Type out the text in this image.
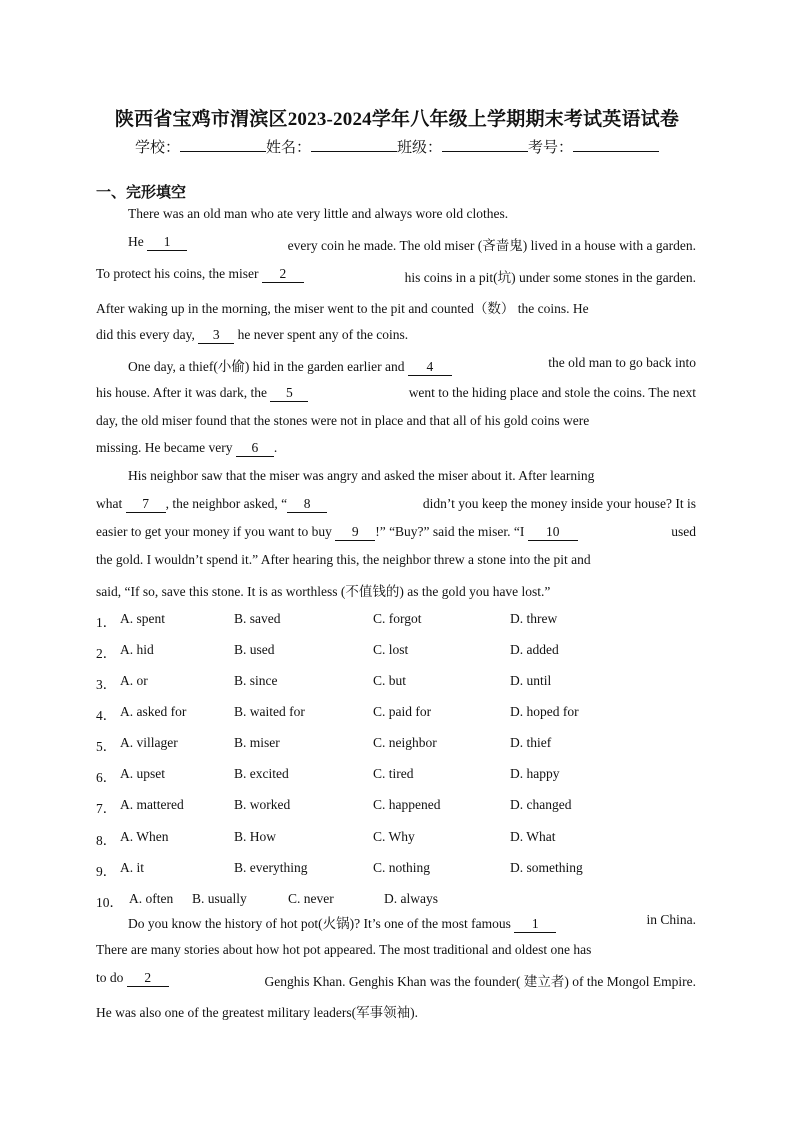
陕西省宝鸡市渭滨区2023-2024学年八年级上学期期末考试英语试卷
学校：	姓名：	班级：	考号：
一、完形填空
There was an old man who ate very little and always wore old clothes.
He 1	every coin he made. The old miser (吝啬鬼) lived in a house with a garden.
To protect his coins, the miser 2	his coins in a pit(坑) under some stones in the garden.
After waking up in the morning, the miser went to the pit and counted（数） the coins. He
did this every day, 3 he never spent any of the coins.
One day, a thief(小偷) hid in the garden earlier and 4	the old man to go back into
his house. After it was dark, the 5	went to the hiding place and stole the coins. The next
day, the old miser found that the stones were not in place and that all of his gold coins were
missing. He became very 6 .
His neighbor saw that the miser was angry and asked the miser about it. After learning
what 7 , the neighbor asked, “ 8	didn’t you keep the money inside your house? It is
easier to get your money if you want to buy 9 !” “Buy?” said the miser. “I 10	used
the gold. I wouldn’t spend it.” After hearing this, the neighbor threw a stone into the pit and
said, “If so, save this stone. It is as worthless (不值钱的) as the gold you have lost.”
1． A. spent	B. saved	C. forgot	D. threw
2． A. hid	B. used	C. lost	D. added
3． A. or	B. since	C. but	D. until
4． A. asked for	B. waited for	C. paid for	D. hoped for
5． A. villager	B. miser	C. neighbor	D. thief
6． A. upset	B. excited	C. tired	D. happy
7． A. mattered	B. worked	C. happened	D. changed
8． A. When	B. How	C. Why	D. What
9． A. it	B. everything	C. nothing	D. something
10． A. often B. usually	C. never	D. always
Do you know the history of hot pot(火锅)? It’s one of the most famous 1	in China.
There are many stories about how hot pot appeared. The most traditional and oldest one has
to do 2	Genghis Khan. Genghis Khan was the founder( 建立者) of the Mongol Empire.
He was also one of the greatest military leaders(军事领袖).
